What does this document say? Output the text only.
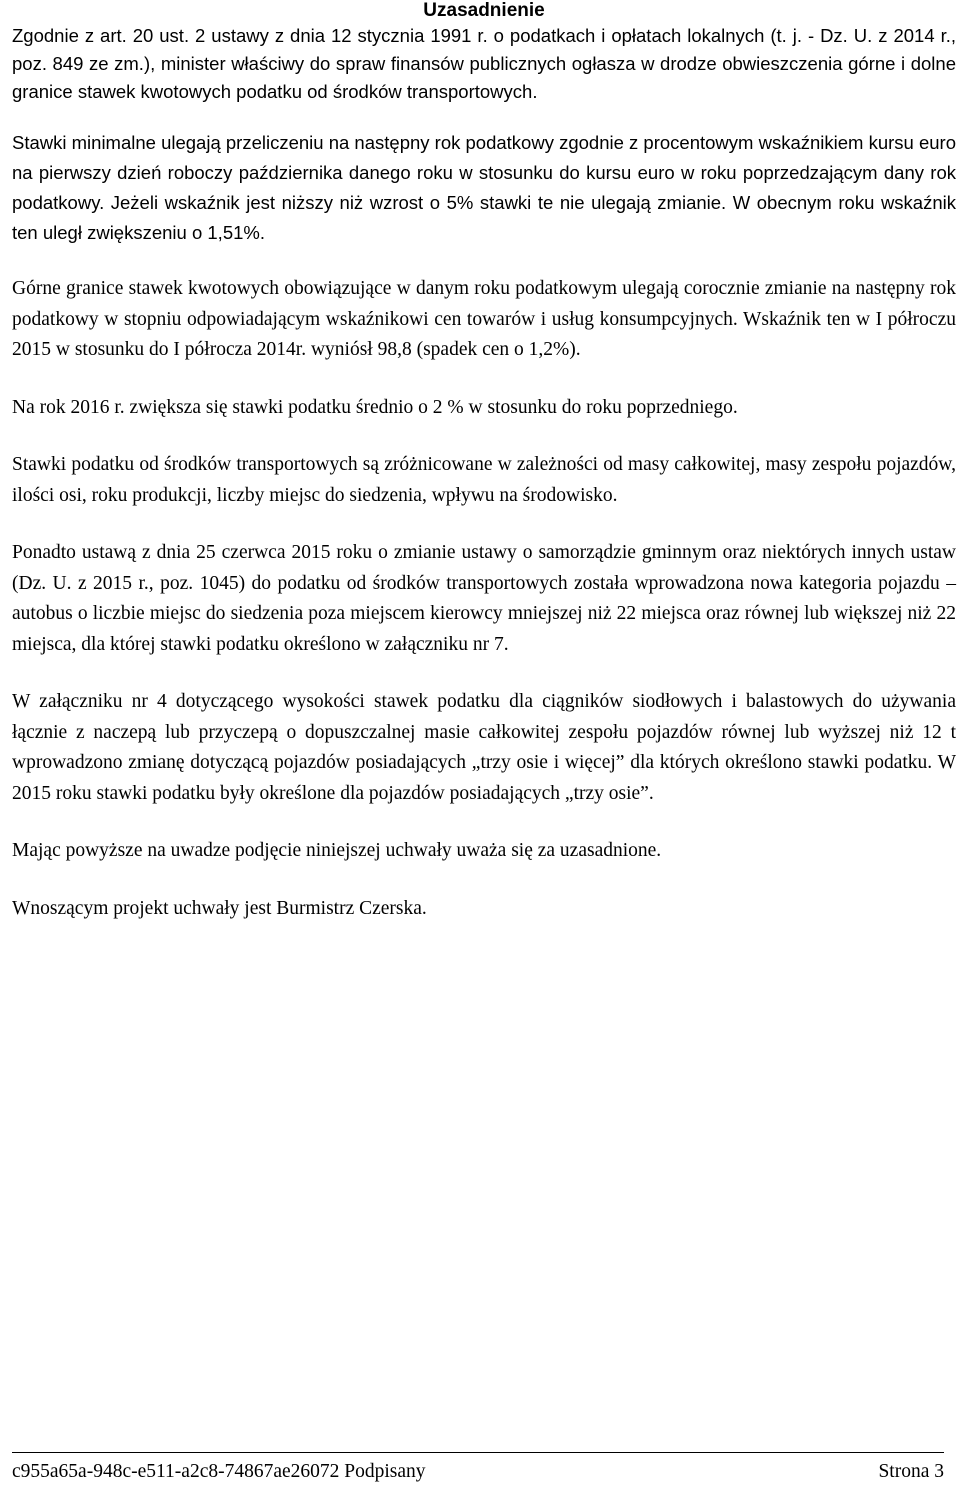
Uzasadnienie

Zgodnie z art. 20 ust. 2 ustawy z dnia 12 stycznia 1991 r. o podatkach i opłatach lokalnych (t. j. - Dz. U. z 2014 r., poz. 849 ze zm.), minister właściwy do spraw finansów publicznych ogłasza w drodze obwieszczenia górne i dolne granice stawek kwotowych podatku od środków transportowych.

Stawki minimalne ulegają przeliczeniu na następny rok podatkowy zgodnie z procentowym wskaźnikiem kursu euro na pierwszy dzień roboczy października danego roku w stosunku do kursu euro w roku poprzedzającym dany rok podatkowy. Jeżeli wskaźnik jest niższy niż wzrost o 5% stawki te nie ulegają zmianie. W obecnym roku wskaźnik ten uległ zwiększeniu o 1,51%.

Górne granice stawek kwotowych obowiązujące w danym roku podatkowym ulegają corocznie zmianie na następny rok podatkowy w stopniu odpowiadającym wskaźnikowi cen towarów i usług konsumpcyjnych. Wskaźnik ten w I półroczu 2015 w stosunku do I półrocza 2014r. wyniósł 98,8 (spadek cen o 1,2%).

Na rok 2016 r. zwiększa się stawki podatku średnio o 2 % w stosunku do roku poprzedniego.

Stawki podatku od środków transportowych są zróżnicowane w zależności od masy całkowitej, masy zespołu pojazdów, ilości osi, roku produkcji, liczby miejsc do siedzenia, wpływu na środowisko.

Ponadto ustawą z dnia 25 czerwca 2015 roku o zmianie ustawy o samorządzie gminnym oraz niektórych innych ustaw (Dz. U. z 2015 r., poz. 1045) do podatku od środków transportowych została wprowadzona nowa kategoria pojazdu – autobus o liczbie miejsc do siedzenia poza miejscem kierowcy mniejszej niż 22 miejsca oraz równej lub większej niż 22 miejsca, dla której stawki podatku określono w załączniku nr 7.

W załączniku nr 4 dotyczącego wysokości stawek podatku dla ciągników siodłowych i balastowych do używania łącznie z naczepą lub przyczepą o dopuszczalnej masie całkowitej zespołu pojazdów równej lub wyższej niż 12 t wprowadzono zmianę dotyczącą pojazdów posiadających „trzy osie i więcej” dla których określono stawki podatku. W 2015 roku stawki podatku były określone dla pojazdów posiadających „trzy osie”.

Mając powyższe na uwadze podjęcie niniejszej uchwały uważa się za uzasadnione.

Wnoszącym projekt uchwały jest Burmistrz Czerska.

c955a65a-948c-e511-a2c8-74867ae26072 Podpisany	Strona 3
